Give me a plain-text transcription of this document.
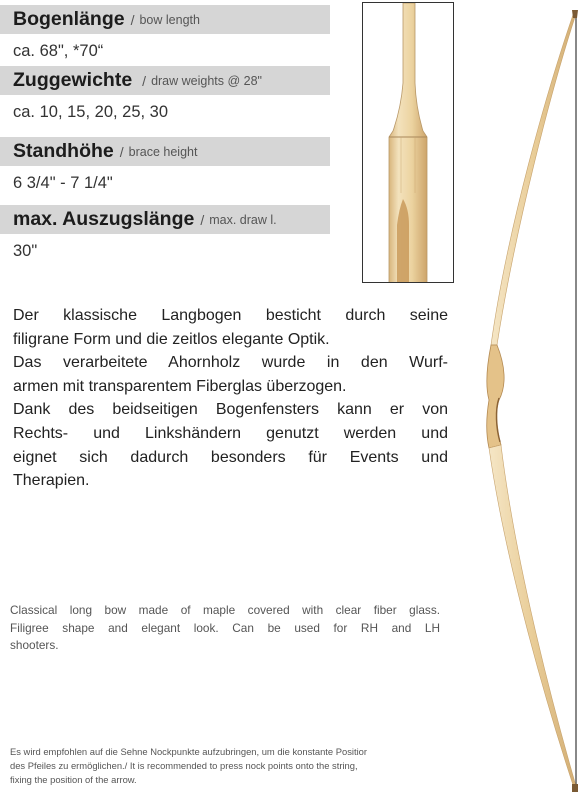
Bogenlänge / bow length
ca. 68", *70“
Zuggewichte / draw weights @ 28"
ca. 10, 15, 20, 25, 30
Standhöhe / brace height
6 3/4" - 7 1/4"
max. Auszugslänge / max. draw l.
30"

Der klassische Langbogen besticht durch seine

filigrane Form und die zeitlos elegante Optik.

Das verarbeitete Ahornholz wurde in den Wurf-

armen mit transparentem Fiberglas überzogen.

Dank des beidseitigen Bogenfensters kann er von

Rechts- und Linkshändern genutzt werden und

eignet sich dadurch besonders für Events und

Therapien.

Classical long bow made of maple covered with clear fiber glass.

Filigree shape and elegant look. Can be used for RH and LH

shooters.

Es wird empfohlen auf die Sehne Nockpunkte aufzubringen, um die konstante Positior

des Pfeiles zu ermöglichen./ It is recommended to press nock points onto the string,

fixing the position of the arrow.
